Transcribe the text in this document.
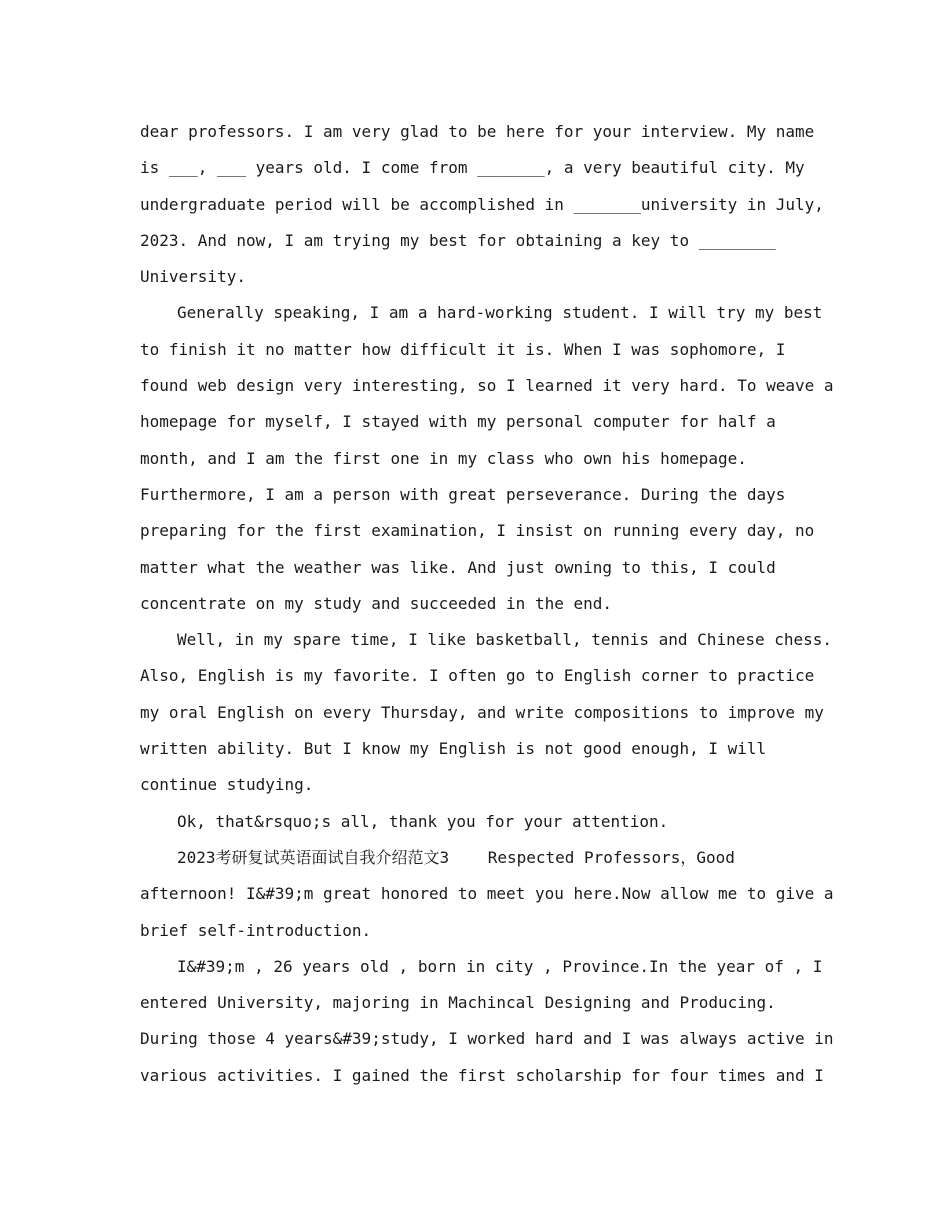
dear professors. I am very glad to be here for your interview. My name
is ___, ___ years old. I come from _______, a very beautiful city. My
undergraduate period will be accomplished in _______university in July,
2023. And now, I am trying my best for obtaining a key to ________
University.
Generally speaking, I am a hard-working student. I will try my best
to finish it no matter how difficult it is. When I was sophomore, I
found web design very interesting, so I learned it very hard. To weave a
homepage for myself, I stayed with my personal computer for half a
month, and I am the first one in my class who own his homepage.
Furthermore, I am a person with great perseverance. During the days
preparing for the first examination, I insist on running every day, no
matter what the weather was like. And just owning to this, I could
concentrate on my study and succeeded in the end.
Well, in my spare time, I like basketball, tennis and Chinese chess.
Also, English is my favorite. I often go to English corner to practice
my oral English on every Thursday, and write compositions to improve my
written ability. But I know my English is not good enough, I will
continue studying.
Ok, that&rsquo;s all, thank you for your attention.
2023考研复试英语面试自我介绍范文3    Respected Professors，Good
afternoon! I&#39;m great honored to meet you here.Now allow me to give a
brief self-introduction.
I&#39;m , 26 years old , born in city , Province.In the year of , I
entered University, majoring in Machincal Designing and Producing.
During those 4 years&#39;study, I worked hard and I was always active in
various activities. I gained the first scholarship for four times and I
